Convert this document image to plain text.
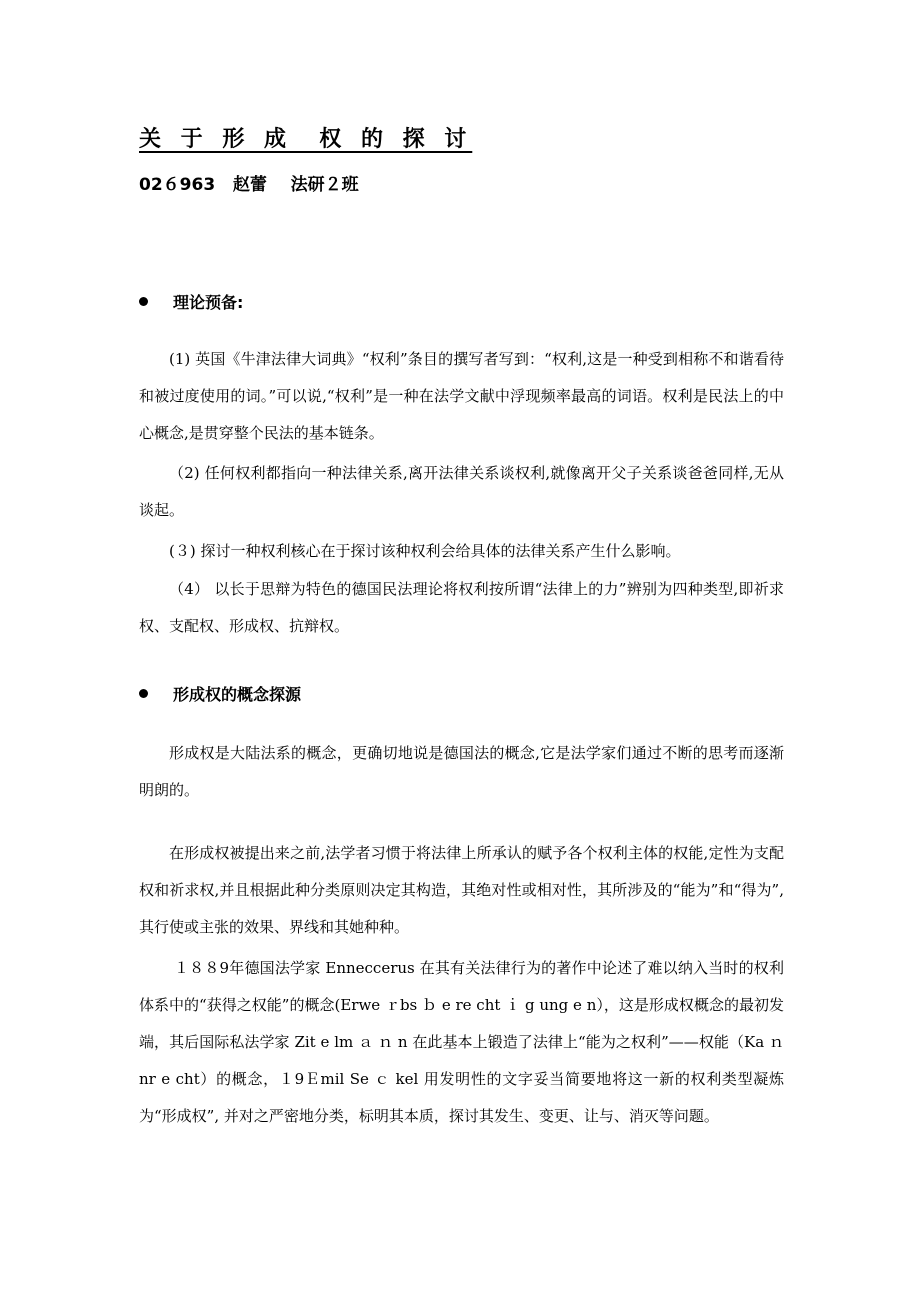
关 于 形 成  权 的 探 讨
02６963   赵蕾    法研２班
理论预备:

(1) 英国《牛津法律大词典》“权利”条目的撰写者写到：“权利,这是一种受到相称不和谐看待和被过度使用的词。”可以说,“权利”是一种在法学文献中浮现频率最高的词语。权利是民法上的中心概念,是贯穿整个民法的基本链条。

（2) 任何权利都指向一种法律关系,离开法律关系谈权利,就像离开父子关系谈爸爸同样,无从谈起。

(３) 探讨一种权利核心在于探讨该种权利会给具体的法律关系产生什么影响。

（4） 以长于思辩为特色的德国民法理论将权利按所谓“法律上的力”辨别为四种类型,即祈求权、支配权、形成权、抗辩权。

形成权的概念探源

形成权是大陆法系的概念，更确切地说是德国法的概念,它是法学家们通过不断的思考而逐渐明朗的。

在形成权被提出来之前,法学者习惯于将法律上所承认的赋予各个权利主体的权能,定性为支配权和祈求权,并且根据此种分类原则决定其构造，其绝对性或相对性，其所涉及的“能为”和“得为”,其行使或主张的效果、界线和其她种种。

１８８9年德国法学家 Enneccerus 在其有关法律行为的著作中论述了难以纳入当时的权利体系中的“获得之权能”的概念(Erwe ｒbs ｂ e re cht ｉ g ung e n），这是形成权概念的最初发端，其后国际私法学家 Zit e lm ａ ｎ n 在此基本上锻造了法律上“能为之权利”——权能（Ka ｎ nr e cht）的概念，１9Ｅmil Se ｃ kel 用发明性的文字妥当简要地将这一新的权利类型凝炼为“形成权”, 并对之严密地分类，标明其本质，探讨其发生、变更、让与、消灭等问题。
